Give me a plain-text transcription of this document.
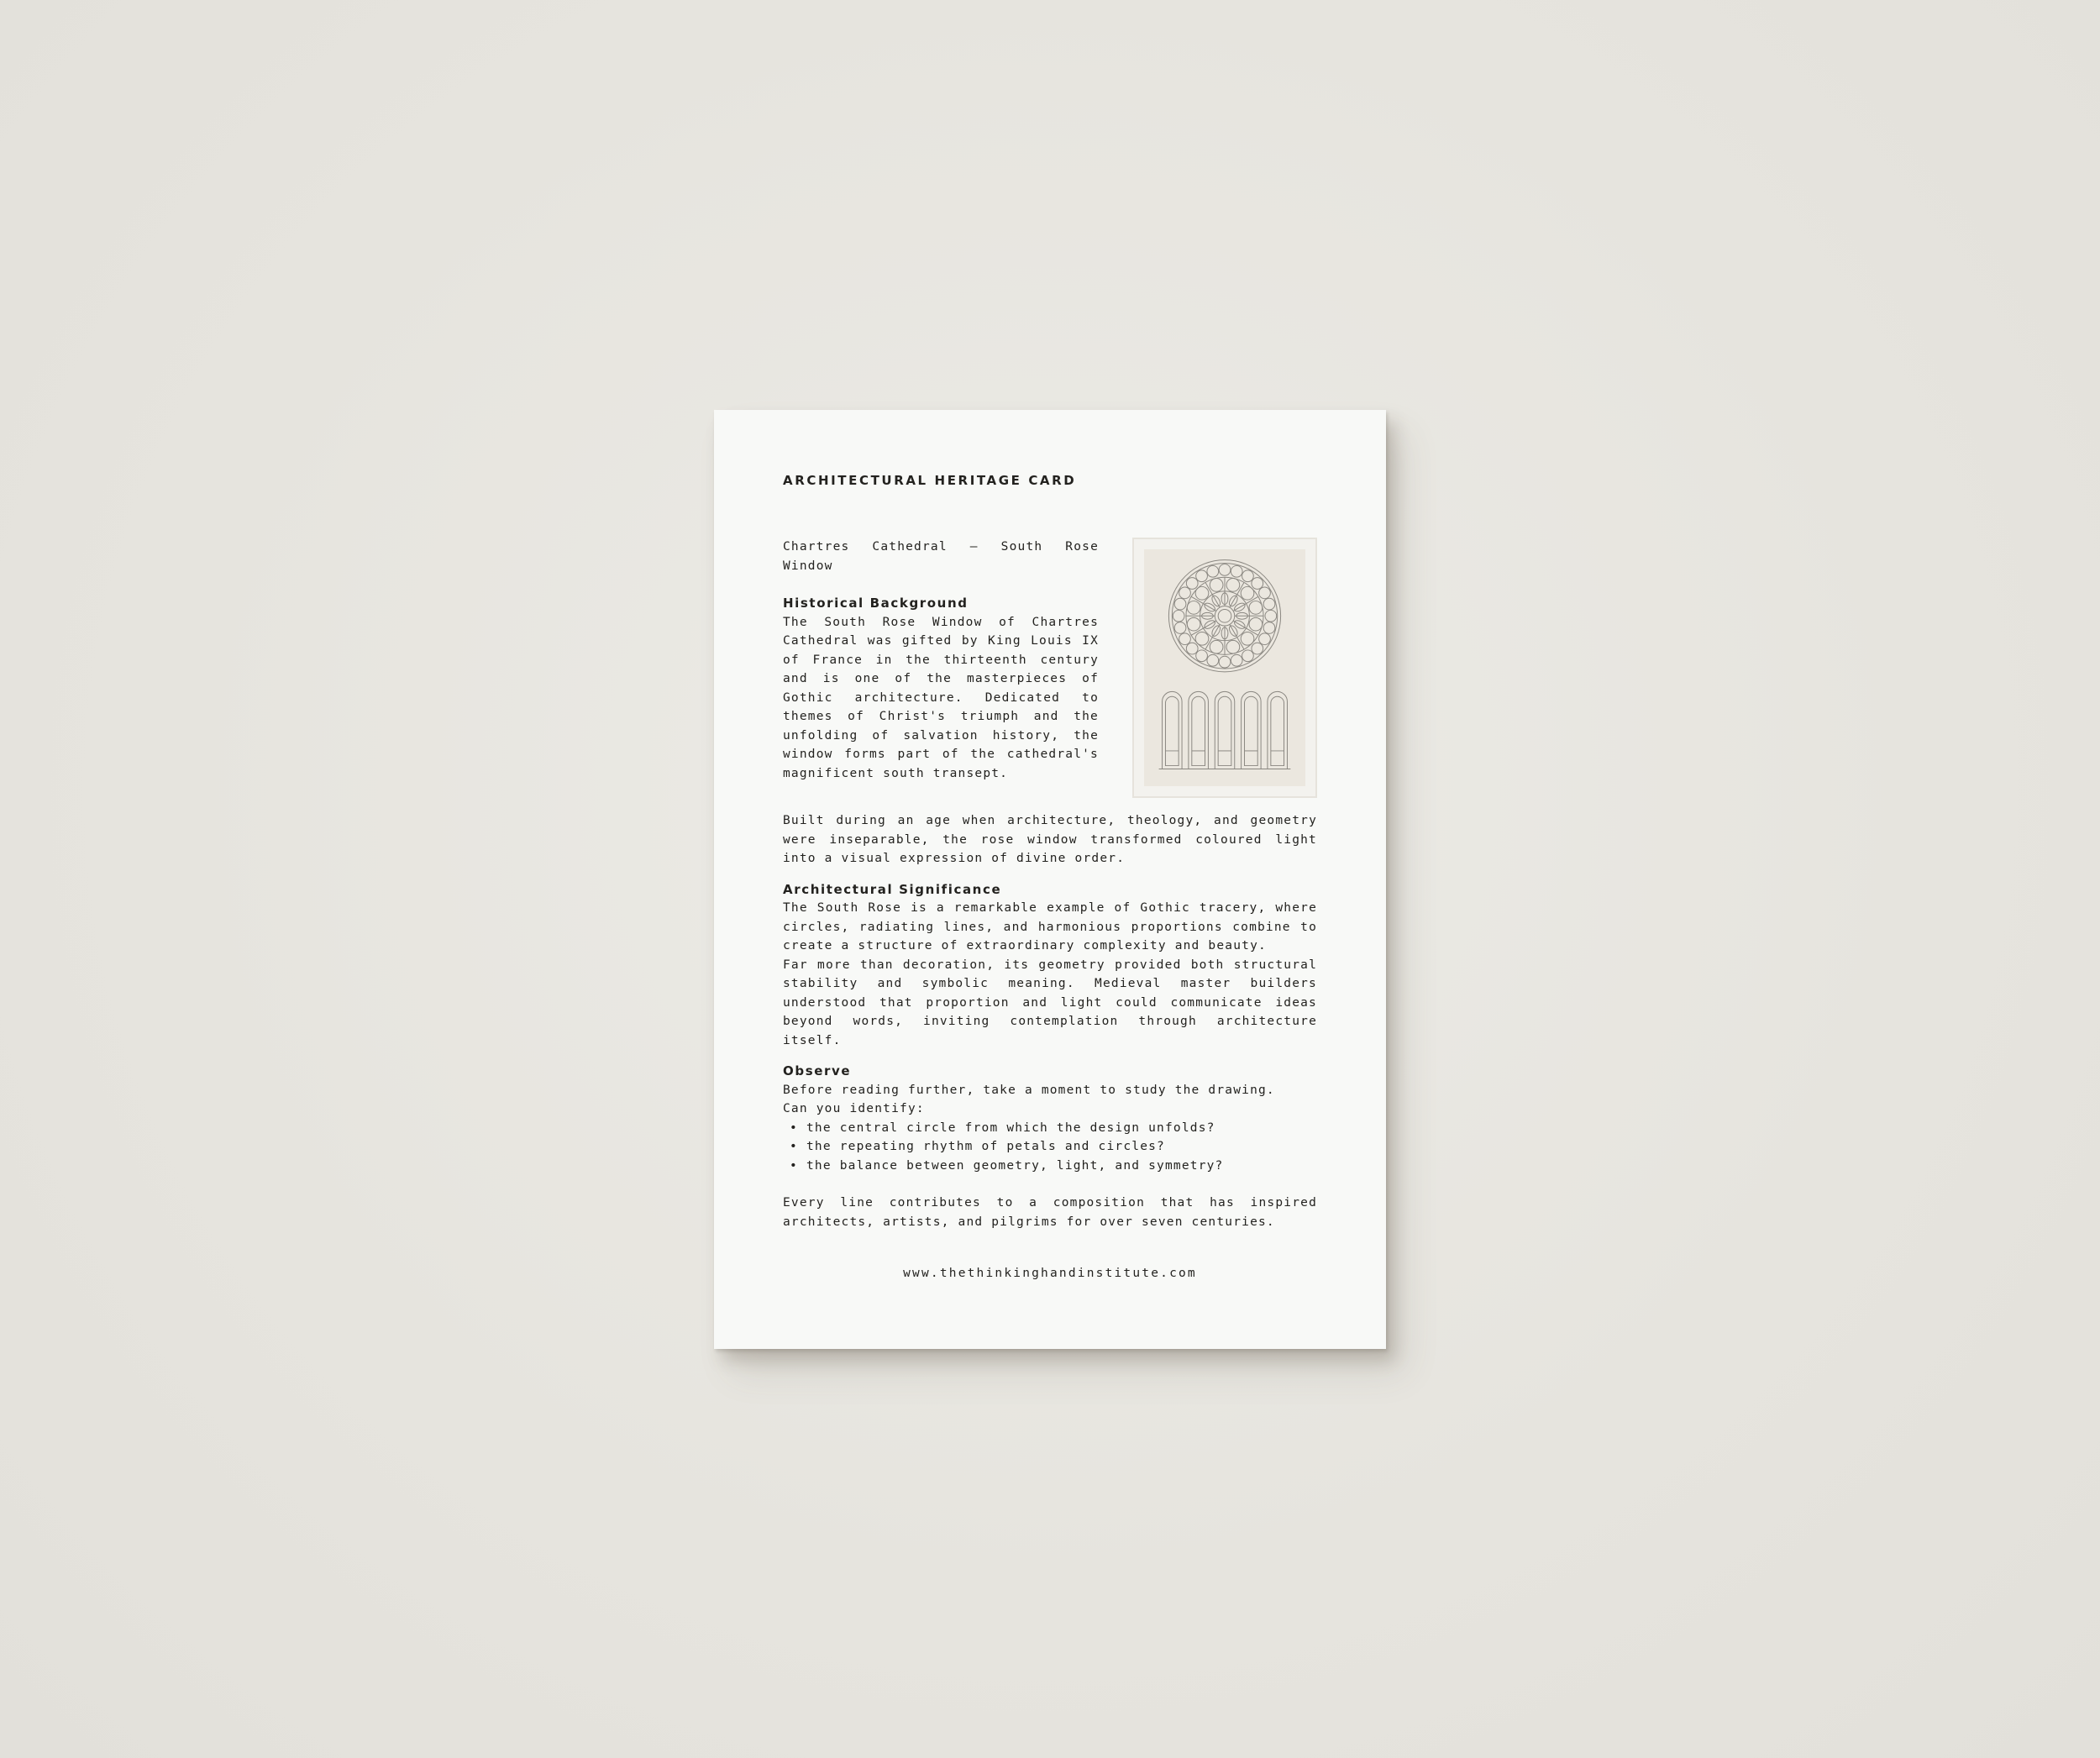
ARCHITECTURAL HERITAGE CARD

Chartres Cathedral – South Rose Window

Historical Background

The South Rose Window of Chartres Cathedral was gifted by King Louis IX of France in the thirteenth century and is one of the masterpieces of Gothic architecture. Dedicated to themes of Christ's triumph and the unfolding of salvation history, the window forms part of the cathedral's magnificent south transept.

Built during an age when architecture, theology, and geometry were inseparable, the rose window transformed coloured light into a visual expression of divine order.

Architectural Significance

The South Rose is a remarkable example of Gothic tracery, where circles, radiating lines, and harmonious proportions combine to create a structure of extraordinary complexity and beauty.

Far more than decoration, its geometry provided both structural stability and symbolic meaning. Medieval master builders understood that proportion and light could communicate ideas beyond words, inviting contemplation through architecture itself.

Observe

Before reading further, take a moment to study the drawing.

Can you identify:

• the central circle from which the design unfolds?
• the repeating rhythm of petals and circles?
• the balance between geometry, light, and symmetry?

Every line contributes to a composition that has inspired architects, artists, and pilgrims for over seven centuries.

www.thethinkinghandinstitute.com
